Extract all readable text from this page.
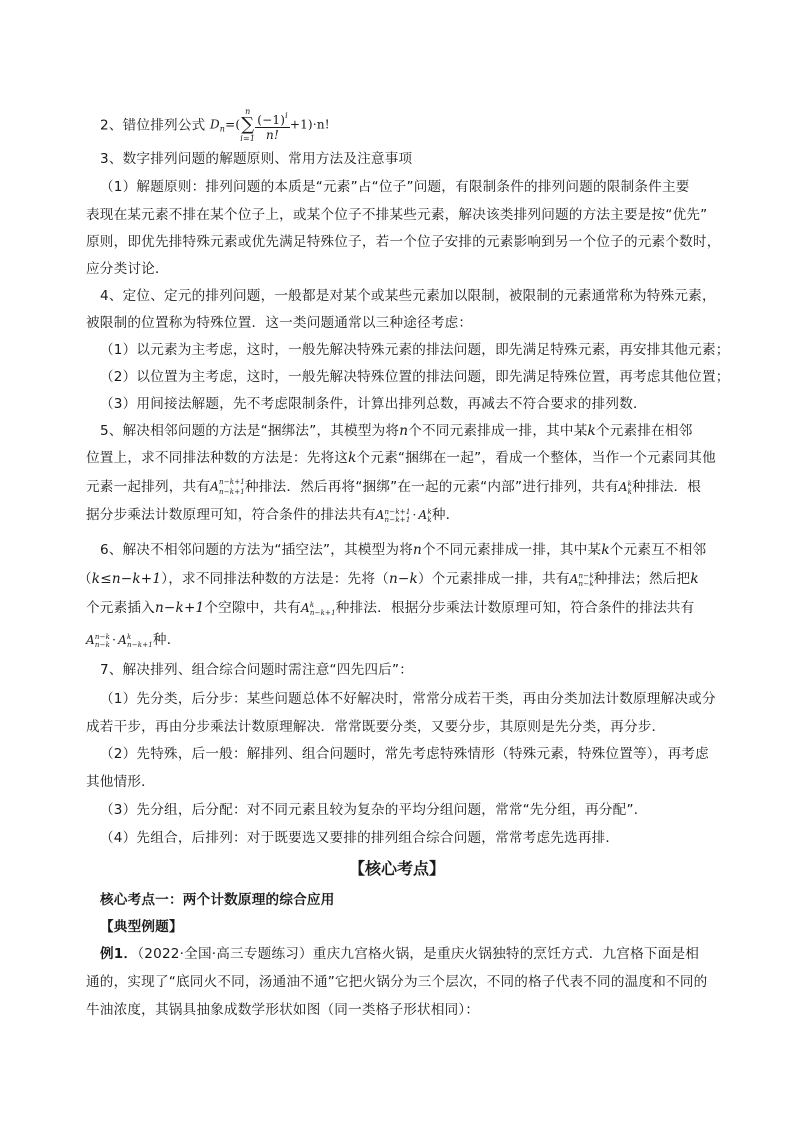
2、错位排列公式 $D_n=$(
n
∑
$i=1 \frac{(-1)^i}{n!} +1)\cdot n$!
3、数字排列问题的解题原则、常用方法及注意事项
（1）解题原则：排列问题的本质是“元素”占“位子”问题，有限制条件的排列问题的限制条件主要
表现在某元素不排在某个位子上，或某个位子不排某些元素，解决该类排列问题的方法主要是按“优先”
原则，即优先排特殊元素或优先满足特殊位子，若一个位子安排的元素影响到另一个位子的元素个数时，
应分类讨论．
4、定位、定元的排列问题，一般都是对某个或某些元素加以限制，被限制的元素通常称为特殊元素，
被限制的位置称为特殊位置．这一类问题通常以三种途径考虑：
（1）以元素为主考虑，这时，一般先解决特殊元素的排法问题，即先满足特殊元素，再安排其他元素；
（2）以位置为主考虑，这时，一般先解决特殊位置的排法问题，即先满足特殊位置，再考虑其他位置；
（3）用间接法解题，先不考虑限制条件，计算出排列总数，再减去不符合要求的排列数．
5、解决相邻问题的方法是“捆绑法”，其模型为将n个不同元素排成一排，其中某k个元素排在相邻
位置上，求不同排法种数的方法是：先将这k个元素“捆绑在一起”，看成一个整体，当作一个元素同其他
元素一起排列，共有A n−k+1
n−k+1 种排法．然后再将“捆绑”在一起的元素“内部”进行排列，共有A k
k 种排法．根
据分步乘法计数原理可知，符合条件的排法共有A n−k+1
n−k+1 · A k
k 种．
6、解决不相邻问题的方法为“插空法”，其模型为将n个不同元素排成一排，其中某k个元素互不相邻
（k≤n−k+1），求不同排法种数的方法是：先将（n−k）个元素排成一排，共有A n−k
n−k 种排法；然后把k
个元素插入n−k+1个空隙中，共有A k
n−k+1 种排法．根据分步乘法计数原理可知，符合条件的排法共有
A n−k
n−k · A k
n−k+1 种．
7、解决排列、组合综合问题时需注意“四先四后”：
（1）先分类，后分步：某些问题总体不好解决时，常常分成若干类，再由分类加法计数原理解决或分
成若干步，再由分步乘法计数原理解决．常常既要分类，又要分步，其原则是先分类，再分步．
（2）先特殊，后一般：解排列、组合问题时，常先考虑特殊情形（特殊元素，特殊位置等），再考虑
其他情形．
（3）先分组，后分配：对不同元素且较为复杂的平均分组问题，常常“先分组，再分配”．
（4）先组合，后排列：对于既要选又要排的排列组合综合问题，常常考虑先选再排．
【核心考点】
核心考点一：两个计数原理的综合应用
【典型例题】
例1．（2022·全国·高三专题练习）重庆九宫格火锅，是重庆火锅独特的烹饪方式．九宫格下面是相
通的，实现了“底同火不同，汤通油不通”它把火锅分为三个层次，不同的格子代表不同的温度和不同的
牛油浓度，其锅具抽象成数学形状如图（同一类格子形状相同）：
